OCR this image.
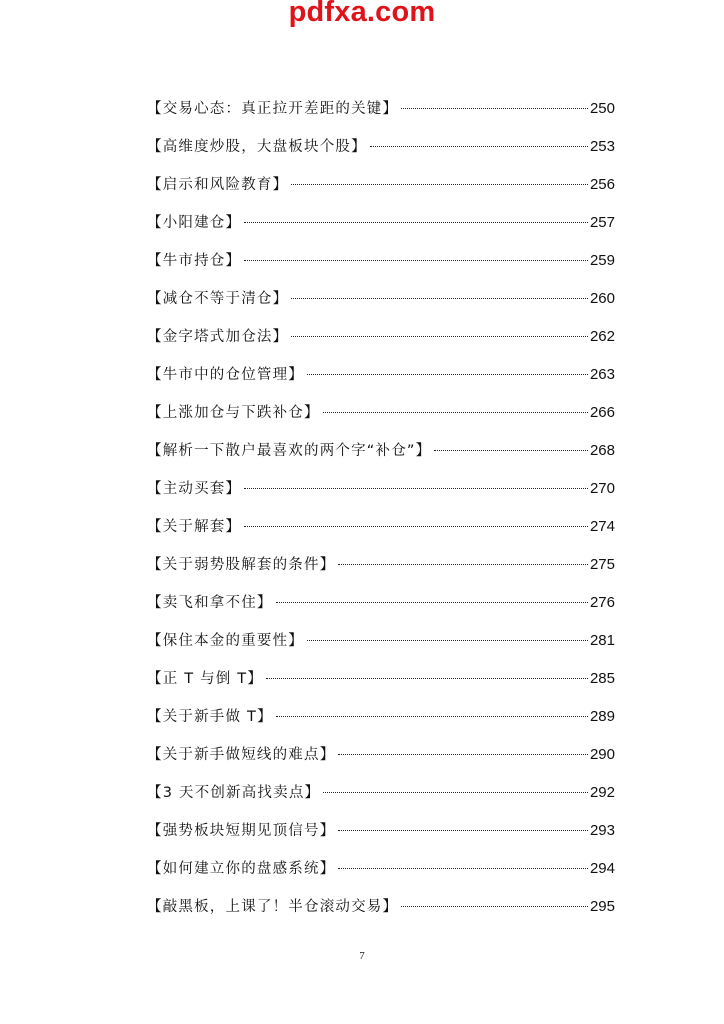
pdfxa.com
【交易心态：真正拉开差距的关键】	250
【高维度炒股，大盘板块个股】	253
【启示和风险教育】	256
【小阳建仓】	257
【牛市持仓】	259
【减仓不等于清仓】	260
【金字塔式加仓法】	262
【牛市中的仓位管理】	263
【上涨加仓与下跌补仓】	266
【解析一下散户最喜欢的两个字“补仓”】	268
【主动买套】	270
【关于解套】	274
【关于弱势股解套的条件】	275
【卖飞和拿不住】	276
【保住本金的重要性】	281
【正 T 与倒 T】	285
【关于新手做 T】	289
【关于新手做短线的难点】	290
【3 天不创新高找卖点】	292
【强势板块短期见顶信号】	293
【如何建立你的盘感系统】	294
【敲黑板，上课了！半仓滚动交易】	295
7
